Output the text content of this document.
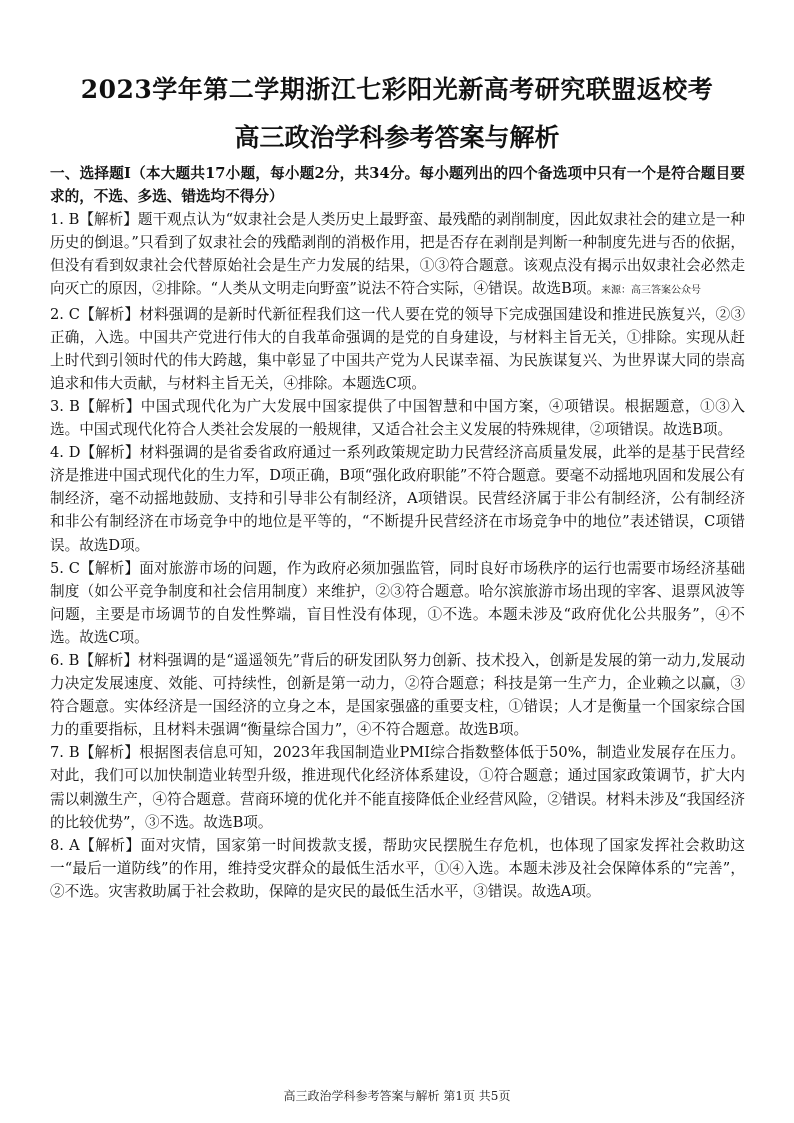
2023学年第二学期浙江七彩阳光新高考研究联盟返校考
高三政治学科参考答案与解析
一、选择题Ⅰ（本大题共17小题，每小题2分，共34分。每小题列出的四个备选项中只有一个是符合题目要求的，不选、多选、错选均不得分）

1. B【解析】题干观点认为“奴隶社会是人类历史上最野蛮、最残酷的剥削制度，因此奴隶社会的建立是一种历史的倒退。”只看到了奴隶社会的残酷剥削的消极作用，把是否存在剥削是判断一种制度先进与否的依据，但没有看到奴隶社会代替原始社会是生产力发展的结果，①③符合题意。该观点没有揭示出奴隶社会必然走向灭亡的原因，②排除。“人类从文明走向野蛮”说法不符合实际，④错误。故选B项。来源：高三答案公众号

2. C【解析】材料强调的是新时代新征程我们这一代人要在党的领导下完成强国建设和推进民族复兴，②③正确，入选。中国共产党进行伟大的自我革命强调的是党的自身建设，与材料主旨无关，①排除。实现从赶上时代到引领时代的伟大跨越，集中彰显了中国共产党为人民谋幸福、为民族谋复兴、为世界谋大同的崇高追求和伟大贡献，与材料主旨无关，④排除。本题选C项。

3. B【解析】中国式现代化为广大发展中国家提供了中国智慧和中国方案，④项错误。根据题意，①③入选。中国式现代化符合人类社会发展的一般规律，又适合社会主义发展的特殊规律，②项错误。故选B项。

4. D【解析】材料强调的是省委省政府通过一系列政策规定助力民营经济高质量发展，此举的是基于民营经济是推进中国式现代化的生力军，D项正确，B项“强化政府职能”不符合题意。要毫不动摇地巩固和发展公有制经济，毫不动摇地鼓励、支持和引导非公有制经济，A项错误。民营经济属于非公有制经济，公有制经济和非公有制经济在市场竞争中的地位是平等的，“不断提升民营经济在市场竞争中的地位”表述错误，C项错误。故选D项。

5. C【解析】面对旅游市场的问题，作为政府必须加强监管，同时良好市场秩序的运行也需要市场经济基础制度（如公平竞争制度和社会信用制度）来维护，②③符合题意。哈尔滨旅游市场出现的宰客、退票风波等问题，主要是市场调节的自发性弊端，盲目性没有体现，①不选。本题未涉及“政府优化公共服务”，④不选。故选C项。

6. B【解析】材料强调的是“遥遥领先”背后的研发团队努力创新、技术投入，创新是发展的第一动力,发展动力决定发展速度、效能、可持续性，创新是第一动力，②符合题意；科技是第一生产力，企业赖之以赢，③符合题意。实体经济是一国经济的立身之本，是国家强盛的重要支柱，①错误；人才是衡量一个国家综合国力的重要指标，且材料未强调“衡量综合国力”，④不符合题意。故选B项。

7. B【解析】根据图表信息可知，2023年我国制造业PMI综合指数整体低于50%，制造业发展存在压力。对此，我们可以加快制造业转型升级，推进现代化经济体系建设，①符合题意；通过国家政策调节，扩大内需以刺激生产，④符合题意。营商环境的优化并不能直接降低企业经营风险，②错误。材料未涉及“我国经济的比较优势”，③不选。故选B项。

8. A【解析】面对灾情，国家第一时间拨款支援，帮助灾民摆脱生存危机，也体现了国家发挥社会救助这一“最后一道防线”的作用，维持受灾群众的最低生活水平，①④入选。本题未涉及社会保障体系的“完善”，②不选。灾害救助属于社会救助，保障的是灾民的最低生活水平，③错误。故选A项。

高三政治学科参考答案与解析 第1页 共5页
